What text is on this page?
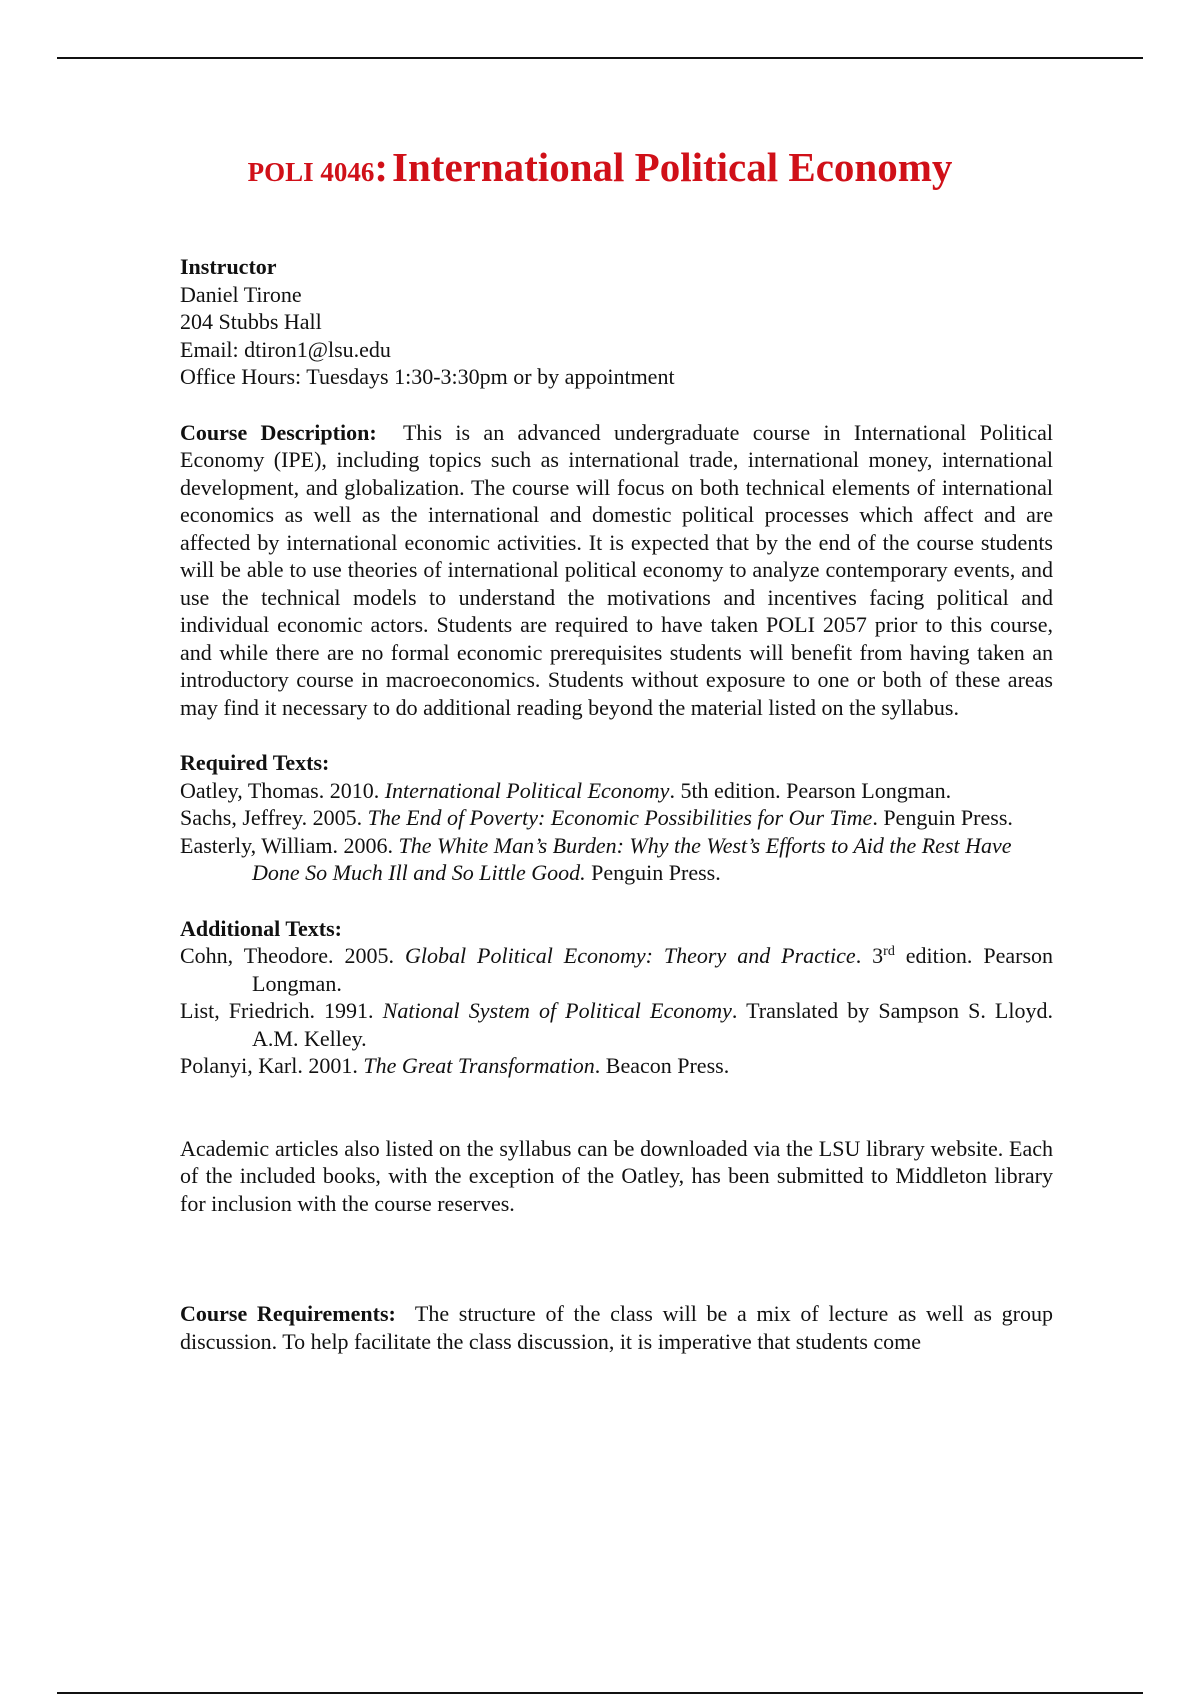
POLI 4046: International Political Economy
Instructor
Daniel Tirone
204 Stubbs Hall
Email: dtiron1@lsu.edu
Office Hours: Tuesdays 1:30-3:30pm or by appointment

Course Description: This is an advanced undergraduate course in International Political Economy (IPE), including topics such as international trade, international money, international development, and globalization. The course will focus on both technical elements of international economics as well as the international and domestic political processes which affect and are affected by international economic activities. It is expected that by the end of the course students will be able to use theories of international political economy to analyze contemporary events, and use the technical models to understand the motivations and incentives facing political and individual economic actors. Students are required to have taken POLI 2057 prior to this course, and while there are no formal economic prerequisites students will benefit from having taken an introductory course in macroeconomics. Students without exposure to one or both of these areas may find it necessary to do additional reading beyond the material listed on the syllabus.

Required Texts:

Oatley, Thomas. 2010. International Political Economy. 5th edition. Pearson Longman.

Sachs, Jeffrey. 2005. The End of Poverty: Economic Possibilities for Our Time. Penguin Press.

Easterly, William. 2006. The White Man’s Burden: Why the West’s Efforts to Aid the Rest Have Done So Much Ill and So Little Good. Penguin Press.

Additional Texts:

Cohn, Theodore. 2005. Global Political Economy: Theory and Practice. 3rd edition. Pearson Longman.

List, Friedrich. 1991. National System of Political Economy. Translated by Sampson S. Lloyd. A.M. Kelley.

Polanyi, Karl. 2001. The Great Transformation. Beacon Press.

Academic articles also listed on the syllabus can be downloaded via the LSU library website. Each of the included books, with the exception of the Oatley, has been submitted to Middleton library for inclusion with the course reserves.

Course Requirements: The structure of the class will be a mix of lecture as well as group discussion. To help facilitate the class discussion, it is imperative that students come
